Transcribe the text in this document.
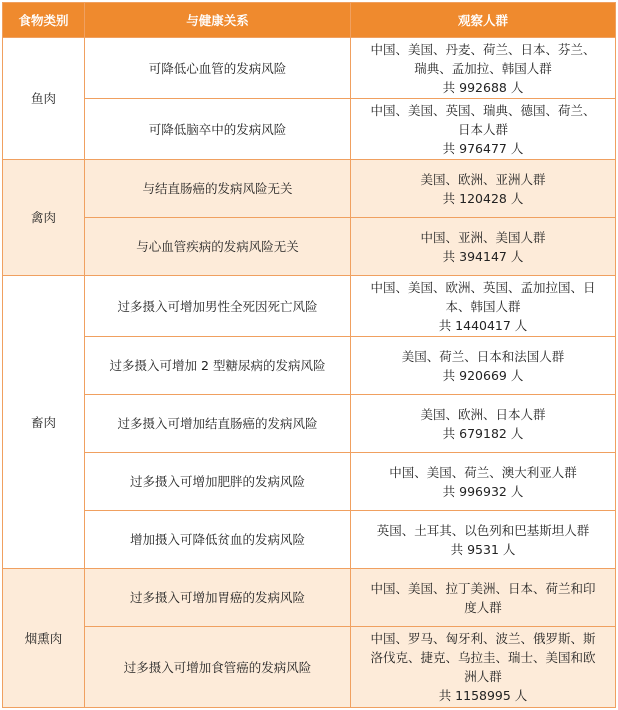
食物类别	与健康关系	观察人群
鱼肉	可降低心血管的发病风险	中国、美国、丹麦、荷兰、日本、芬兰、
瑞典、孟加拉、韩国人群
共 992688 人

	可降低脑卒中的发病风险	中国、美国、英国、瑞典、德国、荷兰、
日本人群
共 976477 人

禽肉	与结直肠癌的发病风险无关	美国、欧洲、亚洲人群
共 120428 人

	与心血管疾病的发病风险无关	中国、亚洲、美国人群
共 394147 人

畜肉	过多摄入可增加男性全死因死亡风险	中国、美国、欧洲、英国、孟加拉国、日
本、韩国人群
共 1440417 人

	过多摄入可增加 2 型糖尿病的发病风险	美国、荷兰、日本和法国人群
共 920669 人

	过多摄入可增加结直肠癌的发病风险	美国、欧洲、日本人群
共 679182 人

	过多摄入可增加肥胖的发病风险	中国、美国、荷兰、澳大利亚人群
共 996932 人

	增加摄入可降低贫血的发病风险	英国、土耳其、以色列和巴基斯坦人群
共 9531 人

烟熏肉	过多摄入可增加胃癌的发病风险	中国、美国、拉丁美洲、日本、荷兰和印
度人群

	过多摄入可增加食管癌的发病风险	中国、罗马、匈牙利、波兰、俄罗斯、斯
洛伐克、捷克、乌拉圭、瑞士、美国和欧
洲人群
共 1158995 人
